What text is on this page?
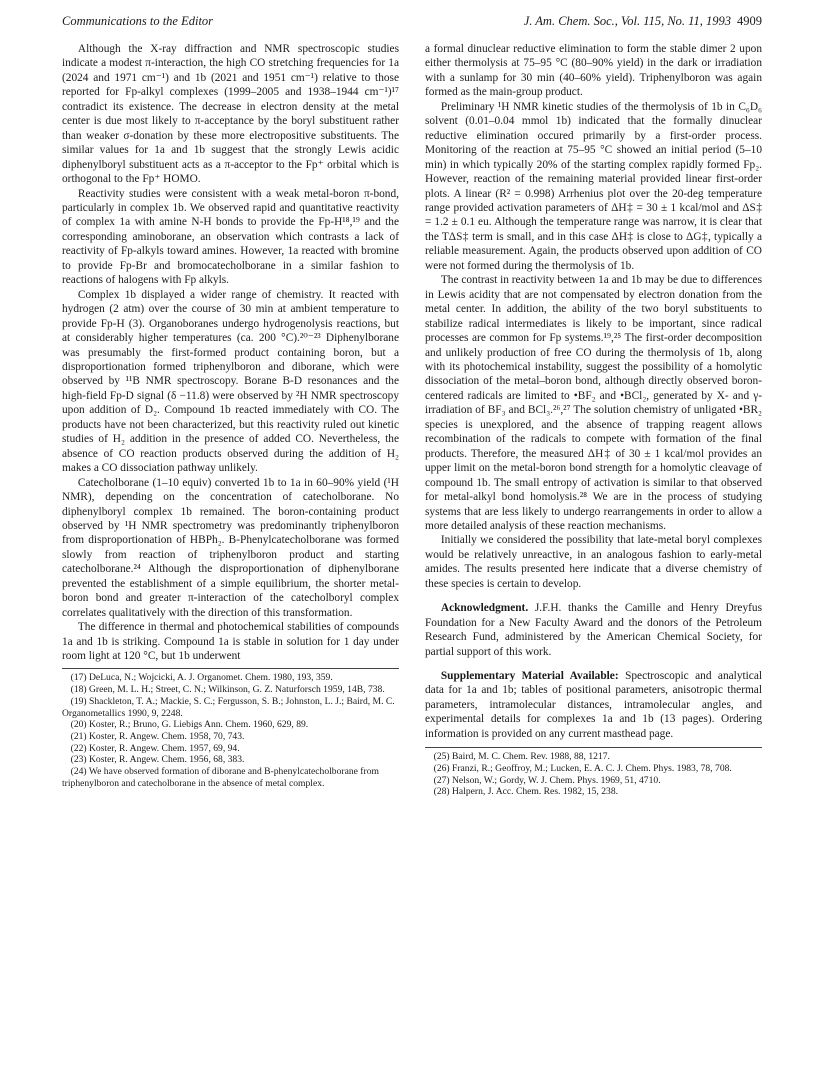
Communications to the Editor	J. Am. Chem. Soc., Vol. 115, No. 11, 1993 4909

Although the X-ray diffraction and NMR spectroscopic studies indicate a modest π-interaction, the high CO stretching frequencies for 1a (2024 and 1971 cm⁻¹) and 1b (2021 and 1951 cm⁻¹) relative to those reported for Fp-alkyl complexes (1999–2005 and 1938–1944 cm⁻¹)¹⁷ contradict its existence. The decrease in electron density at the metal center is due most likely to π-acceptance by the boryl substituent rather than weaker σ-donation by these more electropositive substituents. The similar values for 1a and 1b suggest that the strongly Lewis acidic diphenylboryl substituent acts as a π-acceptor to the Fp⁺ orbital which is orthogonal to the Fp⁺ HOMO.

Reactivity studies were consistent with a weak metal-boron π-bond, particularly in complex 1b. We observed rapid and quantitative reactivity of complex 1a with amine N-H bonds to provide the Fp-H¹⁸,¹⁹ and the corresponding aminoborane, an observation which contrasts a lack of reactivity of Fp-alkyls toward amines. However, 1a reacted with bromine to provide Fp-Br and bromocatecholborane in a similar fashion to reactions of halogens with Fp alkyls.

Complex 1b displayed a wider range of chemistry. It reacted with hydrogen (2 atm) over the course of 30 min at ambient temperature to provide Fp-H (3). Organoboranes undergo hydrogenolysis reactions, but at considerably higher temperatures (ca. 200 °C).²⁰⁻²³ Diphenylborane was presumably the first-formed product containing boron, but a disproportionation formed triphenylboron and diborane, which were observed by ¹¹B NMR spectroscopy. Borane B-D resonances and the high-field Fp-D signal (δ −11.8) were observed by ²H NMR spectroscopy upon addition of D₂. Compound 1b reacted immediately with CO. The products have not been characterized, but this reactivity ruled out kinetic studies of H₂ addition in the presence of added CO. Nevertheless, the absence of CO reaction products observed during the addition of H₂ makes a CO dissociation pathway unlikely.

Catecholborane (1–10 equiv) converted 1b to 1a in 60–90% yield (¹H NMR), depending on the concentration of catecholborane. No diphenylboryl complex 1b remained. The boron-containing product observed by ¹H NMR spectrometry was predominantly triphenylboron from disproportionation of HBPh₂. B-Phenylcatecholborane was formed slowly from reaction of triphenylboron product and starting catecholborane.²⁴ Although the disproportionation of diphenylborane prevented the establishment of a simple equilibrium, the shorter metal-boron bond and greater π-interaction of the catecholboryl complex correlates qualitatively with the direction of this transformation.

The difference in thermal and photochemical stabilities of compounds 1a and 1b is striking. Compound 1a is stable in solution for 1 day under room light at 120 °C, but 1b underwent

(17) DeLuca, N.; Wojcicki, A. J. Organomet. Chem. 1980, 193, 359.

(18) Green, M. L. H.; Street, C. N.; Wilkinson, G. Z. Naturforsch 1959, 14B, 738.

(19) Shackleton, T. A.; Mackie, S. C.; Fergusson, S. B.; Johnston, L. J.; Baird, M. C. Organometallics 1990, 9, 2248.

(20) Koster, R.; Bruno, G. Liebigs Ann. Chem. 1960, 629, 89.

(21) Koster, R. Angew. Chem. 1958, 70, 743.

(22) Koster, R. Angew. Chem. 1957, 69, 94.

(23) Koster, R. Angew. Chem. 1956, 68, 383.

(24) We have observed formation of diborane and B-phenylcatecholborane from triphenylboron and catecholborane in the absence of metal complex.

a formal dinuclear reductive elimination to form the stable dimer 2 upon either thermolysis at 75–95 °C (80–90% yield) in the dark or irradiation with a sunlamp for 30 min (40–60% yield). Triphenylboron was again formed as the main-group product.

Preliminary ¹H NMR kinetic studies of the thermolysis of 1b in C₆D₆ solvent (0.01–0.04 mmol 1b) indicated that the formally dinuclear reductive elimination occured primarily by a first-order process. Monitoring of the reaction at 75–95 °C showed an initial period (5–10 min) in which typically 20% of the starting complex rapidly formed Fp₂. However, reaction of the remaining material provided linear first-order plots. A linear (R² = 0.998) Arrhenius plot over the 20-deg temperature range provided activation parameters of ΔH‡ = 30 ± 1 kcal/mol and ΔS‡ = 1.2 ± 0.1 eu. Although the temperature range was narrow, it is clear that the TΔS‡ term is small, and in this case ΔH‡ is close to ΔG‡, typically a reliable measurement. Again, the products observed upon addition of CO were not formed during the thermolysis of 1b.

The contrast in reactivity between 1a and 1b may be due to differences in Lewis acidity that are not compensated by electron donation from the metal center. In addition, the ability of the two boryl substituents to stabilize radical intermediates is likely to be important, since radical processes are common for Fp systems.¹⁹,²⁵ The first-order decomposition and unlikely production of free CO during the thermolysis of 1b, along with its photochemical instability, suggest the possibility of a homolytic dissociation of the metal–boron bond, although directly observed boron-centered radicals are limited to •BF₂ and •BCl₂, generated by X- and γ-irradiation of BF₃ and BCl₃.²⁶,²⁷ The solution chemistry of unligated •BR₂ species is unexplored, and the absence of trapping reagent allows recombination of the radicals to compete with formation of the final products. Therefore, the measured ΔH‡ of 30 ± 1 kcal/mol provides an upper limit on the metal-boron bond strength for a homolytic cleavage of compound 1b. The small entropy of activation is similar to that observed for metal-alkyl bond homolysis.²⁸ We are in the process of studying systems that are less likely to undergo rearrangements in order to allow a more detailed analysis of these reaction mechanisms.

Initially we considered the possibility that late-metal boryl complexes would be relatively unreactive, in an analogous fashion to early-metal amides. The results presented here indicate that a diverse chemistry of these species is certain to develop.

Acknowledgment. J.F.H. thanks the Camille and Henry Dreyfus Foundation for a New Faculty Award and the donors of the Petroleum Research Fund, administered by the American Chemical Society, for partial support of this work.

Supplementary Material Available: Spectroscopic and analytical data for 1a and 1b; tables of positional parameters, anisotropic thermal parameters, intramolecular distances, intramolecular angles, and experimental details for complexes 1a and 1b (13 pages). Ordering information is provided on any current masthead page.

(25) Baird, M. C. Chem. Rev. 1988, 88, 1217.

(26) Franzi, R.; Geoffroy, M.; Lucken, E. A. C. J. Chem. Phys. 1983, 78, 708.

(27) Nelson, W.; Gordy, W. J. Chem. Phys. 1969, 51, 4710.

(28) Halpern, J. Acc. Chem. Res. 1982, 15, 238.
